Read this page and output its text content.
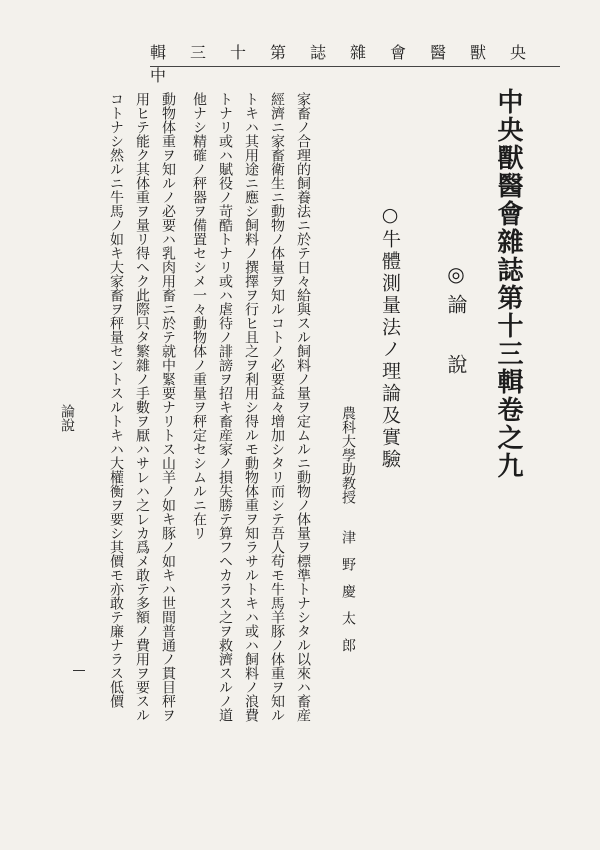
輯三十第誌雜會醫獸央中
論說	中央獸醫會雜誌第十三輯卷之九
◎
論　　說
○牛體測量法ノ理論及實驗
農科大學助教授
津野慶太郎
家畜ノ合理的飼養法ニ於テ日々給與スル飼料ノ量ヲ定ムルニ動物ノ体量ヲ標準トナシタル以來ハ畜産
經濟ニ家畜衛生ニ動物ノ体量ヲ知ルコトノ必要益々增加シタリ而シテ吾人苟モ牛馬羊豚ノ体重ヲ知ル
トキハ其用途ニ應シ飼料ノ撰擇ヲ行ヒ且之ヲ利用シ得ルモ動物体重ヲ知ラサルトキハ或ハ飼料ノ浪費
トナリ或ハ賦役ノ苛酷トナリ或ハ虐待ノ誹謗ヲ招キ畜産家ノ損失勝テ算フヘカラス之ヲ救濟スルノ道
他ナシ精確ノ秤器ヲ備置セシメ一々動物体ノ重量ヲ秤定セシムルニ在リ
動物体重ヲ知ルノ必要ハ乳肉用畜ニ於テ就中緊要ナリトス山羊ノ如キ豚ノ如キハ世間普通ノ貫目秤ヲ
用ヒテ能ク其体重ヲ量リ得ヘク此際只タ繁雜ノ手數ヲ厭ハサレハ之レカ爲メ敢テ多額ノ費用ヲ要スル
コトナシ然ルニ牛馬ノ如キ大家畜ヲ秤量セントスルトキハ大權衡ヲ要シ其價モ亦敢テ廉ナラス低價
